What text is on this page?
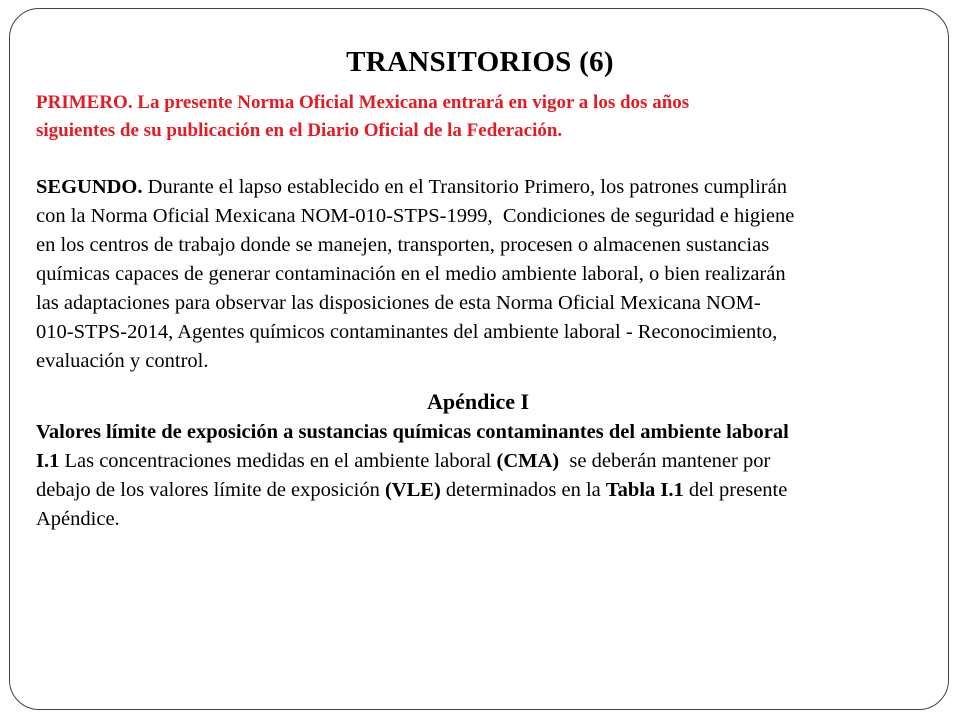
TRANSITORIOS (6)

PRIMERO. La presente Norma Oficial Mexicana entrará en vigor a los dos años
siguientes de su publicación en el Diario Oficial de la Federación.

SEGUNDO. Durante el lapso establecido en el Transitorio Primero, los patrones cumplirán
con la Norma Oficial Mexicana NOM-010-STPS-1999,  Condiciones de seguridad e higiene
en los centros de trabajo donde se manejen, transporten, procesen o almacenen sustancias
químicas capaces de generar contaminación en el medio ambiente laboral, o bien realizarán
las adaptaciones para observar las disposiciones de esta Norma Oficial Mexicana NOM-
010-STPS-2014, Agentes químicos contaminantes del ambiente laboral - Reconocimiento,
evaluación y control.

Apéndice I

Valores límite de exposición a sustancias químicas contaminantes del ambiente laboral
I.1 Las concentraciones medidas en el ambiente laboral (CMA)  se deberán mantener por
debajo de los valores límite de exposición (VLE) determinados en la Tabla I.1 del presente
Apéndice.
